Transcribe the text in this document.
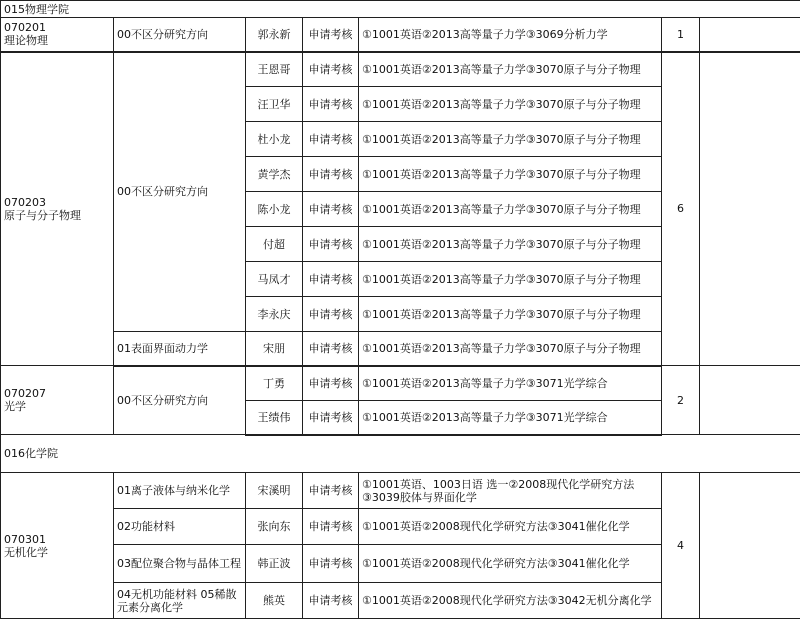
015物理学院						

070201
理论物理	00不区分研究方向	郭永新	申请考核	①1001英语②2013高等量子力学③3069分析力学	1	

070203
原子与分子物理	00不区分研究方向	王恩哥	申请考核	①1001英语②2013高等量子力学③3070原子与分子物理	6	
		汪卫华	申请考核	①1001英语②2013高等量子力学③3070原子与分子物理		
		杜小龙	申请考核	①1001英语②2013高等量子力学③3070原子与分子物理		
		黄学杰	申请考核	①1001英语②2013高等量子力学③3070原子与分子物理		
		陈小龙	申请考核	①1001英语②2013高等量子力学③3070原子与分子物理		
		付超	申请考核	①1001英语②2013高等量子力学③3070原子与分子物理		
		马凤才	申请考核	①1001英语②2013高等量子力学③3070原子与分子物理		
		李永庆	申请考核	①1001英语②2013高等量子力学③3070原子与分子物理		
	01表面界面动力学	宋朋	申请考核	①1001英语②2013高等量子力学③3070原子与分子物理		

070207
光学	00不区分研究方向	丁勇	申请考核	①1001英语②2013高等量子力学③3071光学综合	2	
		王绩伟	申请考核	①1001英语②2013高等量子力学③3071光学综合		
016化学院						

070301
无机化学	01离子液体与纳米化学	宋溪明	申请考核	①1001英语、1003日语 选一②2008现代化学研究方法③3039胶体与界面化学	4	
	02功能材料	张向东	申请考核	①1001英语②2008现代化学研究方法③3041催化化学		
	03配位聚合物与晶体工程	韩正波	申请考核	①1001英语②2008现代化学研究方法③3041催化化学		
	04无机功能材料 05稀散元素分离化学	熊英	申请考核	①1001英语②2008现代化学研究方法③3042无机分离化学		
